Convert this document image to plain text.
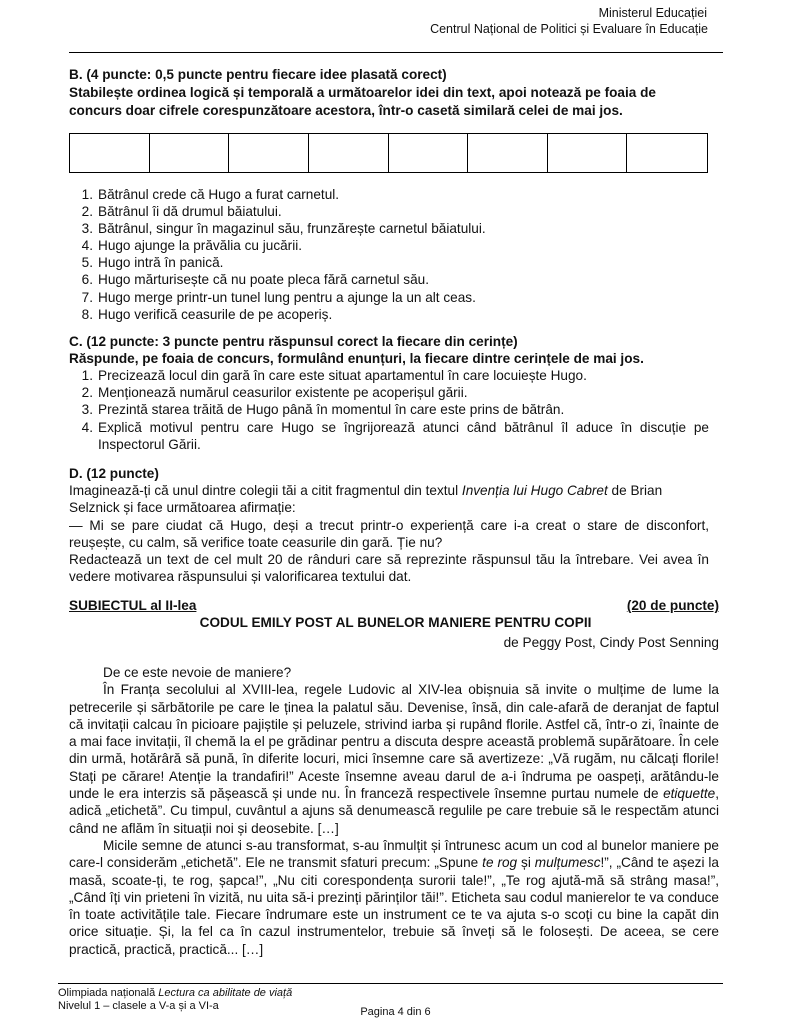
Ministerul Educației
Centrul Național de Politici și Evaluare în Educație
B. (4 puncte: 0,5 puncte pentru fiecare idee plasată corect)
Stabilește ordinea logică și temporală a următoarelor idei din text, apoi notează pe foaia de concurs doar cifrele corespunzătoare acestora, într-o casetă similară celei de mai jos.
1. Bătrânul crede că Hugo a furat carnetul.
2. Bătrânul îi dă drumul băiatului.
3. Bătrânul, singur în magazinul său, frunzărește carnetul băiatului.
4. Hugo ajunge la prăvălia cu jucării.
5. Hugo intră în panică.
6. Hugo mărturisește că nu poate pleca fără carnetul său.
7. Hugo merge printr-un tunel lung pentru a ajunge la un alt ceas.
8. Hugo verifică ceasurile de pe acoperiș.
C. (12 puncte: 3 puncte pentru răspunsul corect la fiecare din cerințe)
Răspunde, pe foaia de concurs, formulând enunțuri, la fiecare dintre cerințele de mai jos.
1. Precizează locul din gară în care este situat apartamentul în care locuiește Hugo.
2. Menționează numărul ceasurilor existente pe acoperișul gării.
3. Prezintă starea trăită de Hugo până în momentul în care este prins de bătrân.
4. Explică motivul pentru care Hugo se îngrijorează atunci când bătrânul îl aduce în discuție pe Inspectorul Gării.
D. (12 puncte)
Imaginează-ți că unul dintre colegii tăi a citit fragmentul din textul Invenția lui Hugo Cabret de Brian Selznick și face următoarea afirmație:
— Mi se pare ciudat că Hugo, deși a trecut printr-o experiență care i-a creat o stare de disconfort, reușește, cu calm, să verifice toate ceasurile din gară. Ție nu?
Redactează un text de cel mult 20 de rânduri care să reprezinte răspunsul tău la întrebare. Vei avea în vedere motivarea răspunsului și valorificarea textului dat.
SUBIECTUL al II-lea	(20 de puncte)
CODUL EMILY POST AL BUNELOR MANIERE PENTRU COPII
de Peggy Post, Cindy Post Senning

De ce este nevoie de maniere?

În Franța secolului al XVIII-lea, regele Ludovic al XIV-lea obișnuia să invite o mulțime de lume la petrecerile și sărbătorile pe care le ținea la palatul său. Devenise, însă, din cale-afară de deranjat de faptul că invitații calcau în picioare pajiștile și peluzele, strivind iarba și rupând florile. Astfel că, într-o zi, înainte de a mai face invitații, îl chemă la el pe grădinar pentru a discuta despre această problemă supărătoare. În cele din urmă, hotărâră să pună, în diferite locuri, mici însemne care să avertizeze: „Vă rugăm, nu călcați florile! Stați pe cărare! Atenție la trandafiri!” Aceste însemne aveau darul de a-i îndruma pe oaspeți, arătându-le unde le era interzis să pășească și unde nu. În franceză respectivele însemne purtau numele de etiquette, adică „etichetă”. Cu timpul, cuvântul a ajuns să denumească regulile pe care trebuie să le respectăm atunci când ne aflăm în situații noi și deosebite. […]

Micile semne de atunci s-au transformat, s-au înmulțit și întrunesc acum un cod al bunelor maniere pe care-l considerăm „etichetă”. Ele ne transmit sfaturi precum: „Spune te rog și mulțumesc!”, „Când te așezi la masă, scoate-ți, te rog, șapca!”, „Nu citi corespondența surorii tale!”, „Te rog ajută-mă să strâng masa!”, „Când îți vin prieteni în vizită, nu uita să-i prezinți părinților tăi!”. Eticheta sau codul manierelor te va conduce în toate activitățile tale. Fiecare îndrumare este un instrument ce te va ajuta s-o scoți cu bine la capăt din orice situație. Și, la fel ca în cazul instrumentelor, trebuie să înveți să le folosești. De aceea, se cere practică, practică, practică... […]

Olimpiada națională Lectura ca abilitate de viață
Nivelul 1 – clasele a V-a și a VI-a	Pagina 4 din 6
